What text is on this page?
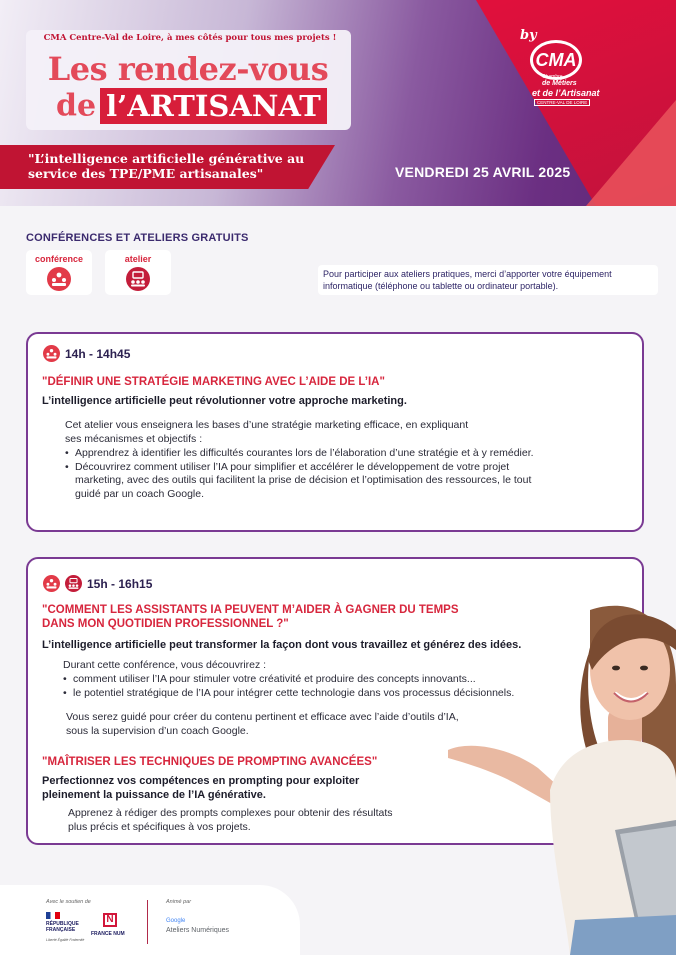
CMA Centre-Val de Loire, à mes côtés pour tous mes projets !
Les rendez-vous
de l’ARTISANAT
"L’intelligence artificielle générative au service des TPE/PME artisanales"	VENDREDI 25 AVRIL 2025
by
CMA
Chambre
de Métiers
et de l’Artisanat
CENTRE-VAL DE LOIRE
CONFÉRENCES ET ATELIERS GRATUITS
conférence	atelier
Pour participer aux ateliers pratiques, merci d’apporter votre équipement informatique (téléphone ou tablette ou ordinateur portable).
14h - 14h45
"DÉFINIR UNE STRATÉGIE MARKETING AVEC L’AIDE DE L’IA"
L’intelligence artificielle peut révolutionner votre approche marketing.
Cet atelier vous enseignera les bases d’une stratégie marketing efficace, en expliquant ses mécanismes et objectifs :
• Apprendrez à identifier les difficultés courantes lors de l’élaboration d’une stratégie et à y remédier.
• Découvrirez comment utiliser l’IA pour simplifier et accélérer le développement de votre projet marketing, avec des outils qui facilitent la prise de décision et l’optimisation des ressources, le tout guidé par un coach Google.
15h - 16h15
"COMMENT LES ASSISTANTS IA PEUVENT M’AIDER À GAGNER DU TEMPS
DANS MON QUOTIDIEN PROFESSIONNEL ?"
L’intelligence artificielle peut transformer la façon dont vous travaillez et générez des idées.
Durant cette conférence, vous découvrirez :
• comment utiliser l’IA pour stimuler votre créativité et produire des concepts innovants...
• le potentiel stratégique de l’IA pour intégrer cette technologie dans vos processus décisionnels.
Vous serez guidé pour créer du contenu pertinent et efficace avec l’aide d’outils d’IA,
sous la supervision d’un coach Google.
"MAÎTRISER LES TECHNIQUES DE PROMPTING AVANCÉES"
Perfectionnez vos compétences en prompting pour exploiter
pleinement la puissance de l’IA générative.
Apprenez à rédiger des prompts complexes pour obtenir des résultats
plus précis et spécifiques à vos projets.
Avec le soutien de	Animé par
RÉPUBLIQUE FRANÇAISE
Liberté Égalité Fraternité
N
FRANCE NUM
Google
Ateliers Numériques
